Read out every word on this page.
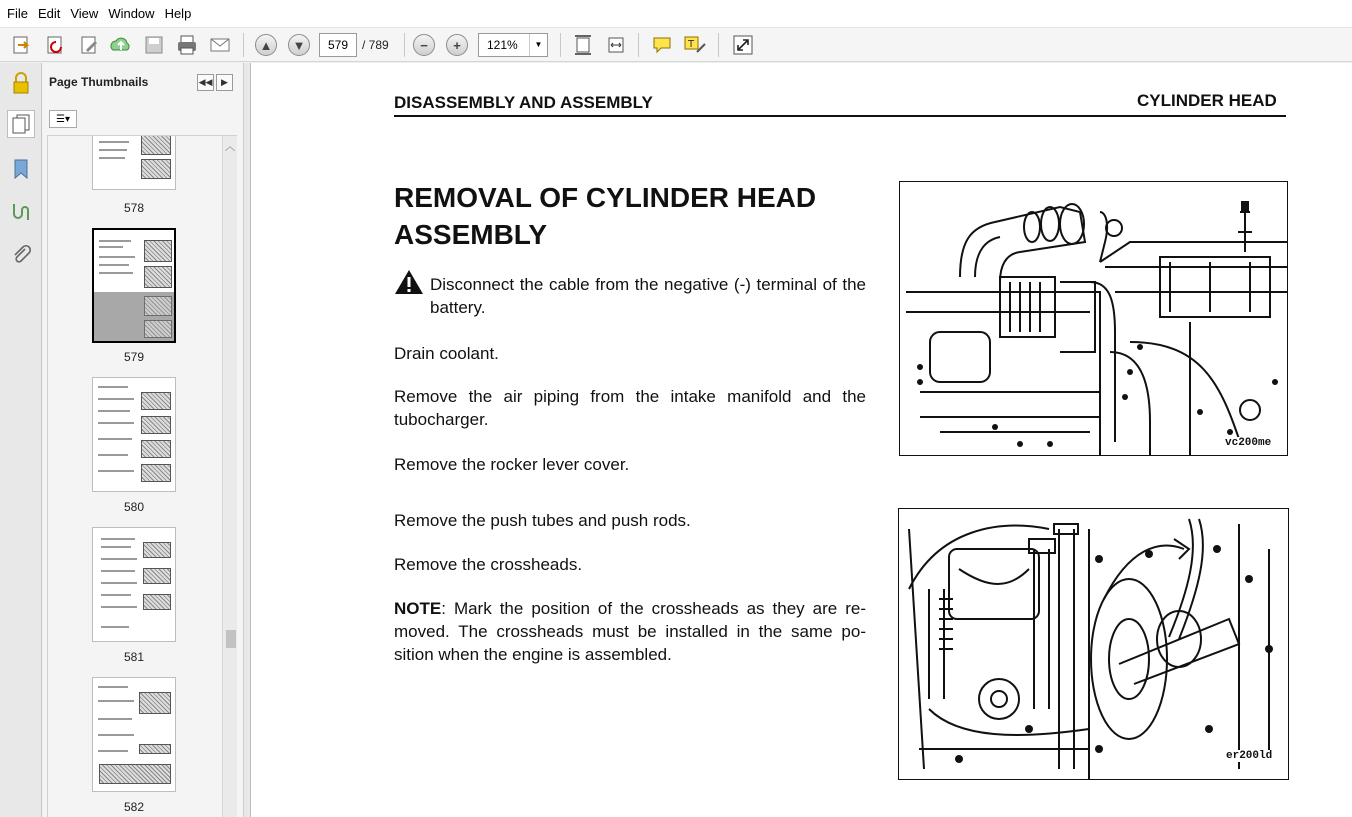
File Edit View Window Help
▲	▼	579	/ 789	−	+	121%	▼	T
Page Thumbnails	◀◀ ▶
☰▾
578
579
580
581
582
︿
DISASSEMBLY AND ASSEMBLY	CYLINDER HEAD
REMOVAL OF CYLINDER HEAD ASSEMBLY
Disconnect the cable from the negative (-) terminal of the battery.
Drain coolant.
Remove the air piping from the intake manifold and the tubocharger.
Remove the rocker lever cover.
Remove the push tubes and push rods.
Remove the crossheads.
NOTE: Mark the position of the crossheads as they are re-moved. The crossheads must be installed in the same po-sition when the engine is assembled.
vc200me
er200ld
